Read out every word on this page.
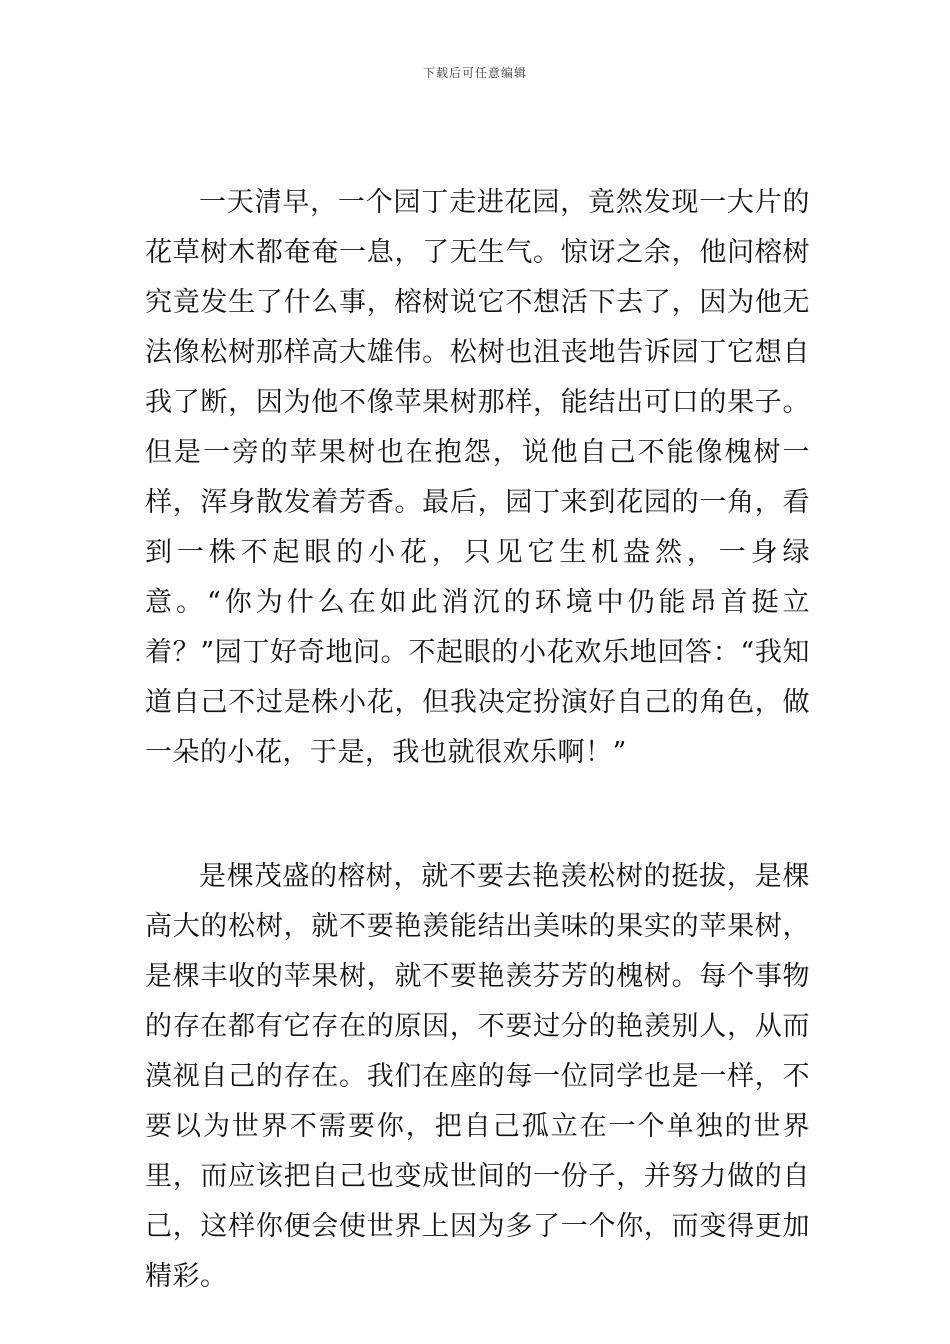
下载后可任意编辑

一天清早，一个园丁走进花园，竟然发现一大片的花草树木都奄奄一息，了无生气。惊讶之余，他问榕树究竟发生了什么事，榕树说它不想活下去了，因为他无法像松树那样高大雄伟。松树也沮丧地告诉园丁它想自我了断，因为他不像苹果树那样，能结出可口的果子。但是一旁的苹果树也在抱怨，说他自己不能像槐树一样，浑身散发着芳香。最后，园丁来到花园的一角，看到一株不起眼的小花，只见它生机盎然，一身绿意。“你为什么在如此消沉的环境中仍能昂首挺立着？”园丁好奇地问。不起眼的小花欢乐地回答：“我知道自己不过是株小花，但我决定扮演好自己的角色，做一朵的小花，于是，我也就很欢乐啊！”

是棵茂盛的榕树，就不要去艳羡松树的挺拔，是棵高大的松树，就不要艳羡能结出美味的果实的苹果树，是棵丰收的苹果树，就不要艳羡芬芳的槐树。每个事物的存在都有它存在的原因，不要过分的艳羡别人，从而漠视自己的存在。我们在座的每一位同学也是一样，不要以为世界不需要你，把自己孤立在一个单独的世界里，而应该把自己也变成世间的一份子，并努力做的自己，这样你便会使世界上因为多了一个你，而变得更加精彩。
